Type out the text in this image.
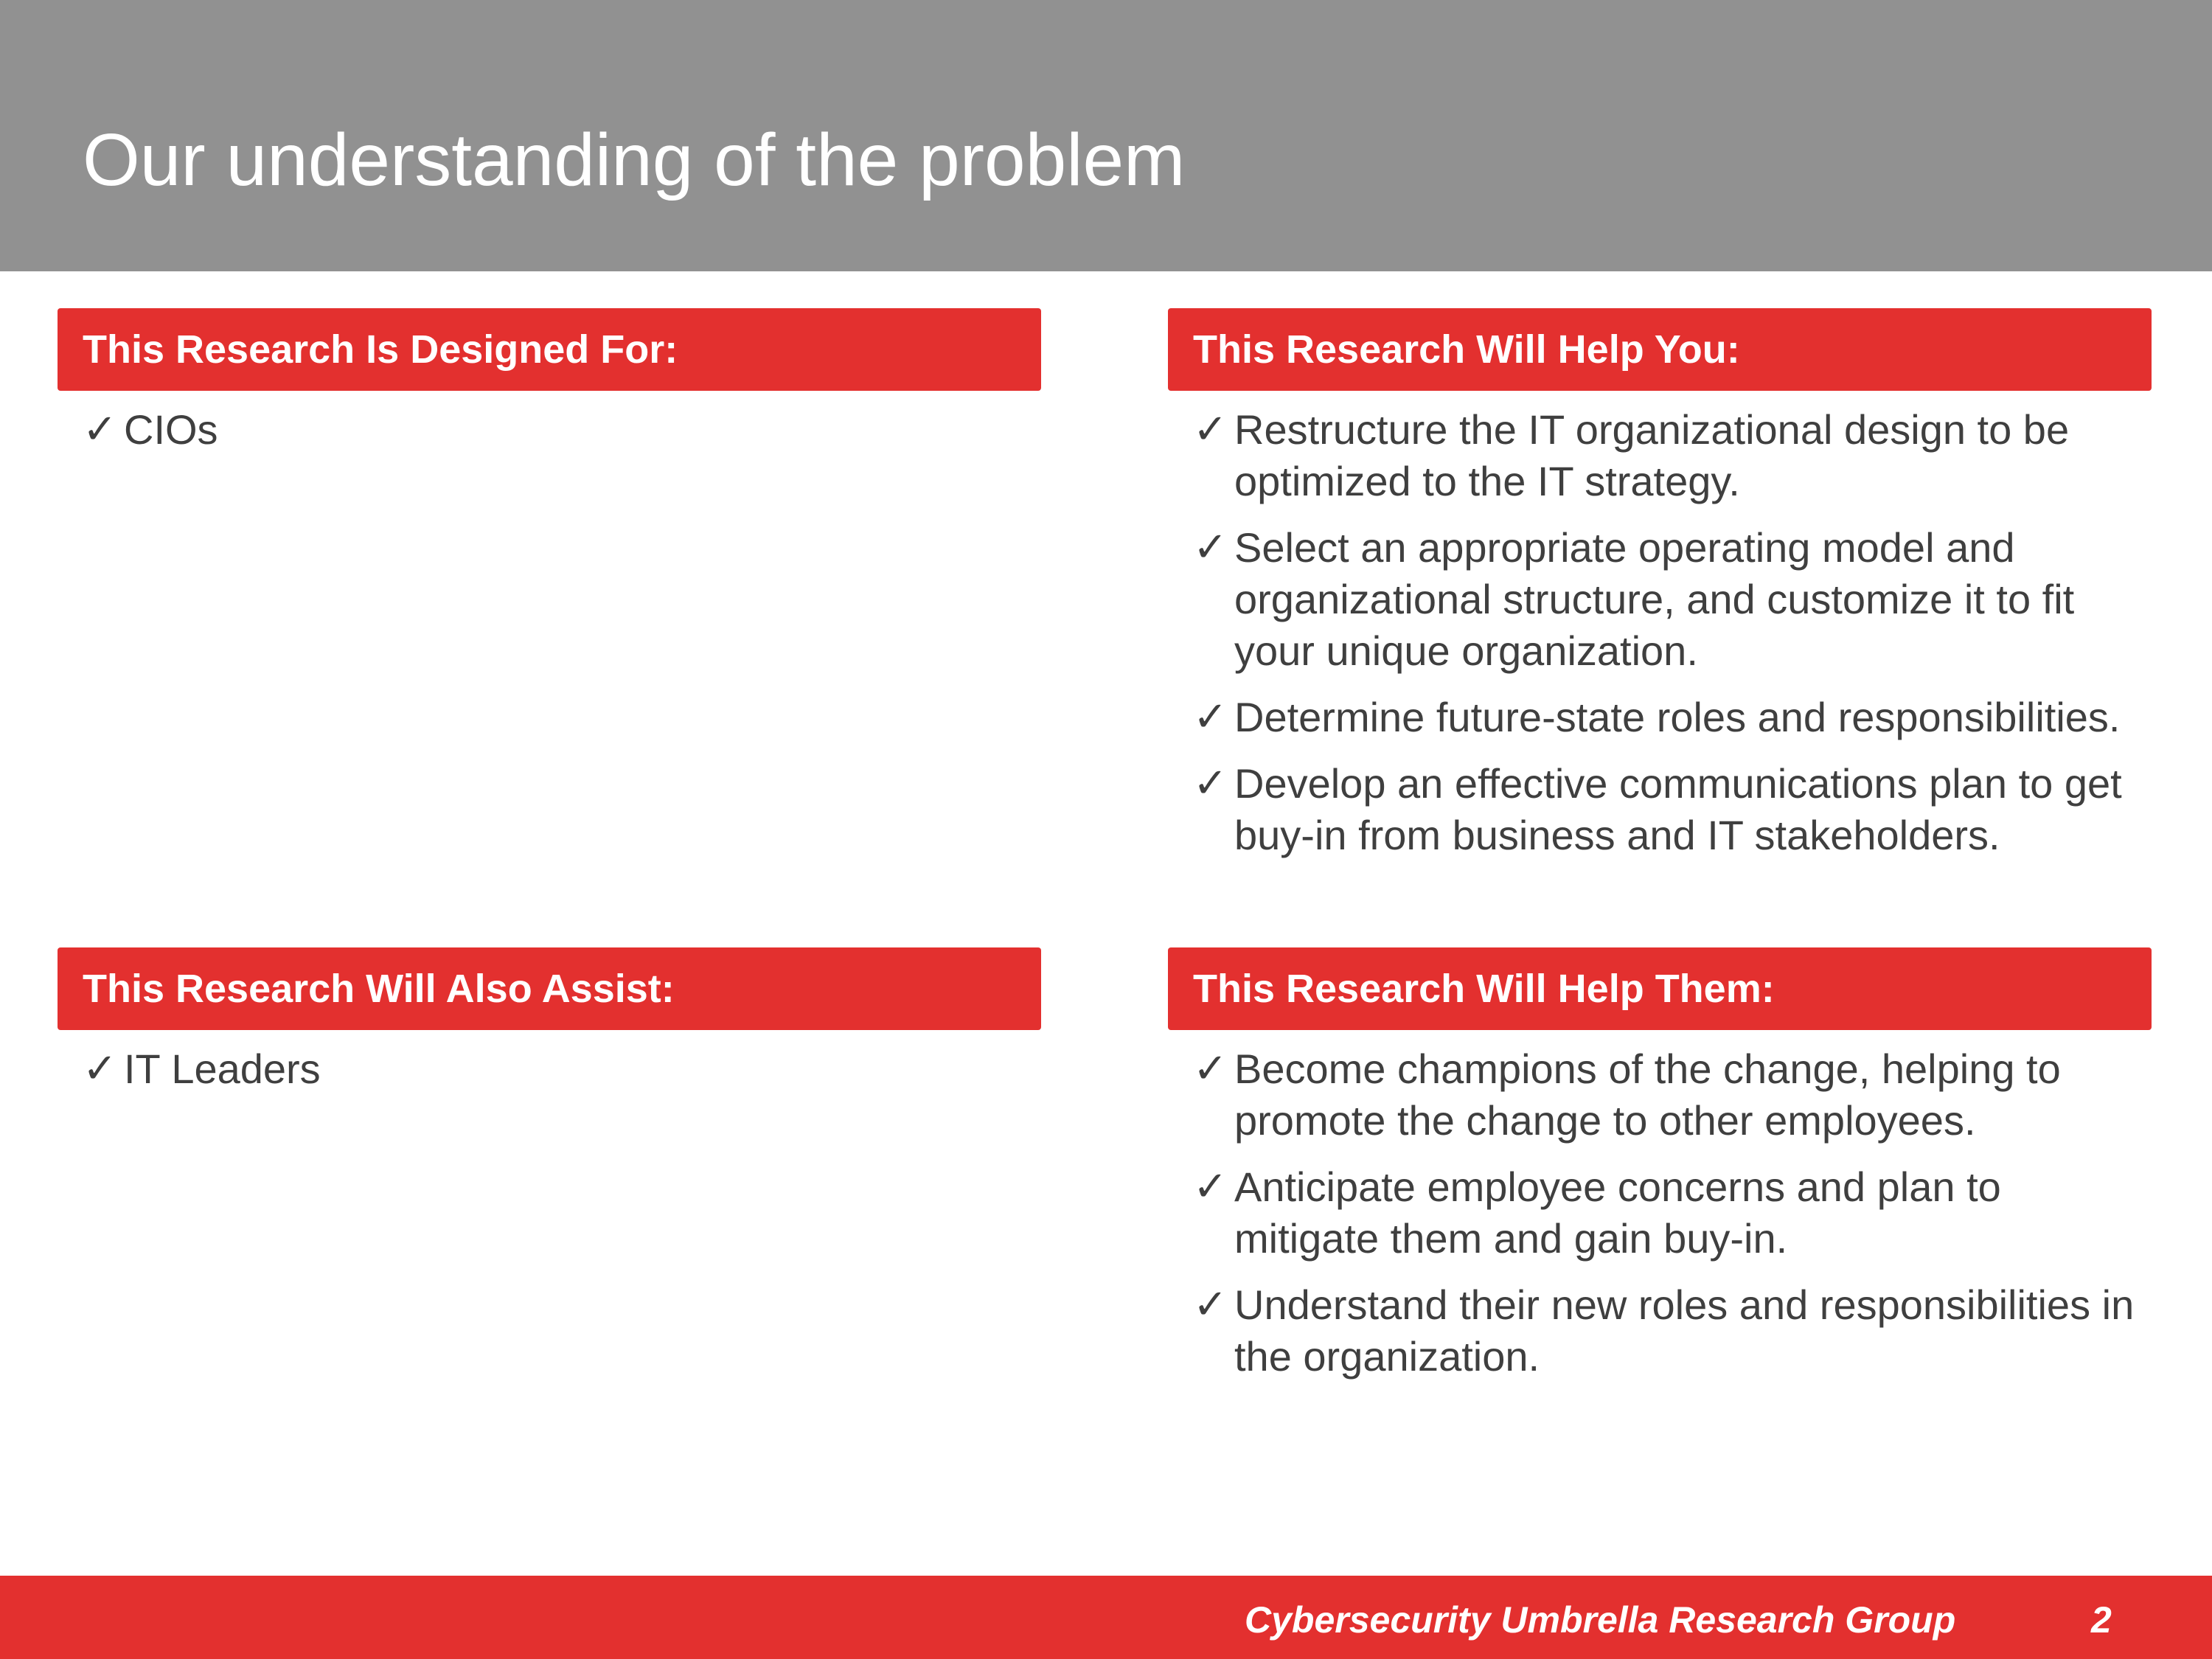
Our understanding of the problem
This Research Is Designed For:
✓ CIOs
This Research Will Help You:
✓ Restructure the IT organizational design to be optimized to the IT strategy.
✓ Select an appropriate operating model and organizational structure, and customize it to fit your unique organization.
✓ Determine future-state roles and responsibilities.
✓ Develop an effective communications plan to get buy-in from business and IT stakeholders.
This Research Will Also Assist:
✓ IT Leaders
This Research Will Help Them:
✓ Become champions of the change, helping to promote the change to other employees.
✓ Anticipate employee concerns and plan to mitigate them and gain buy-in.
✓ Understand their new roles and responsibilities in the organization.
Cybersecurity Umbrella Research Group	2
